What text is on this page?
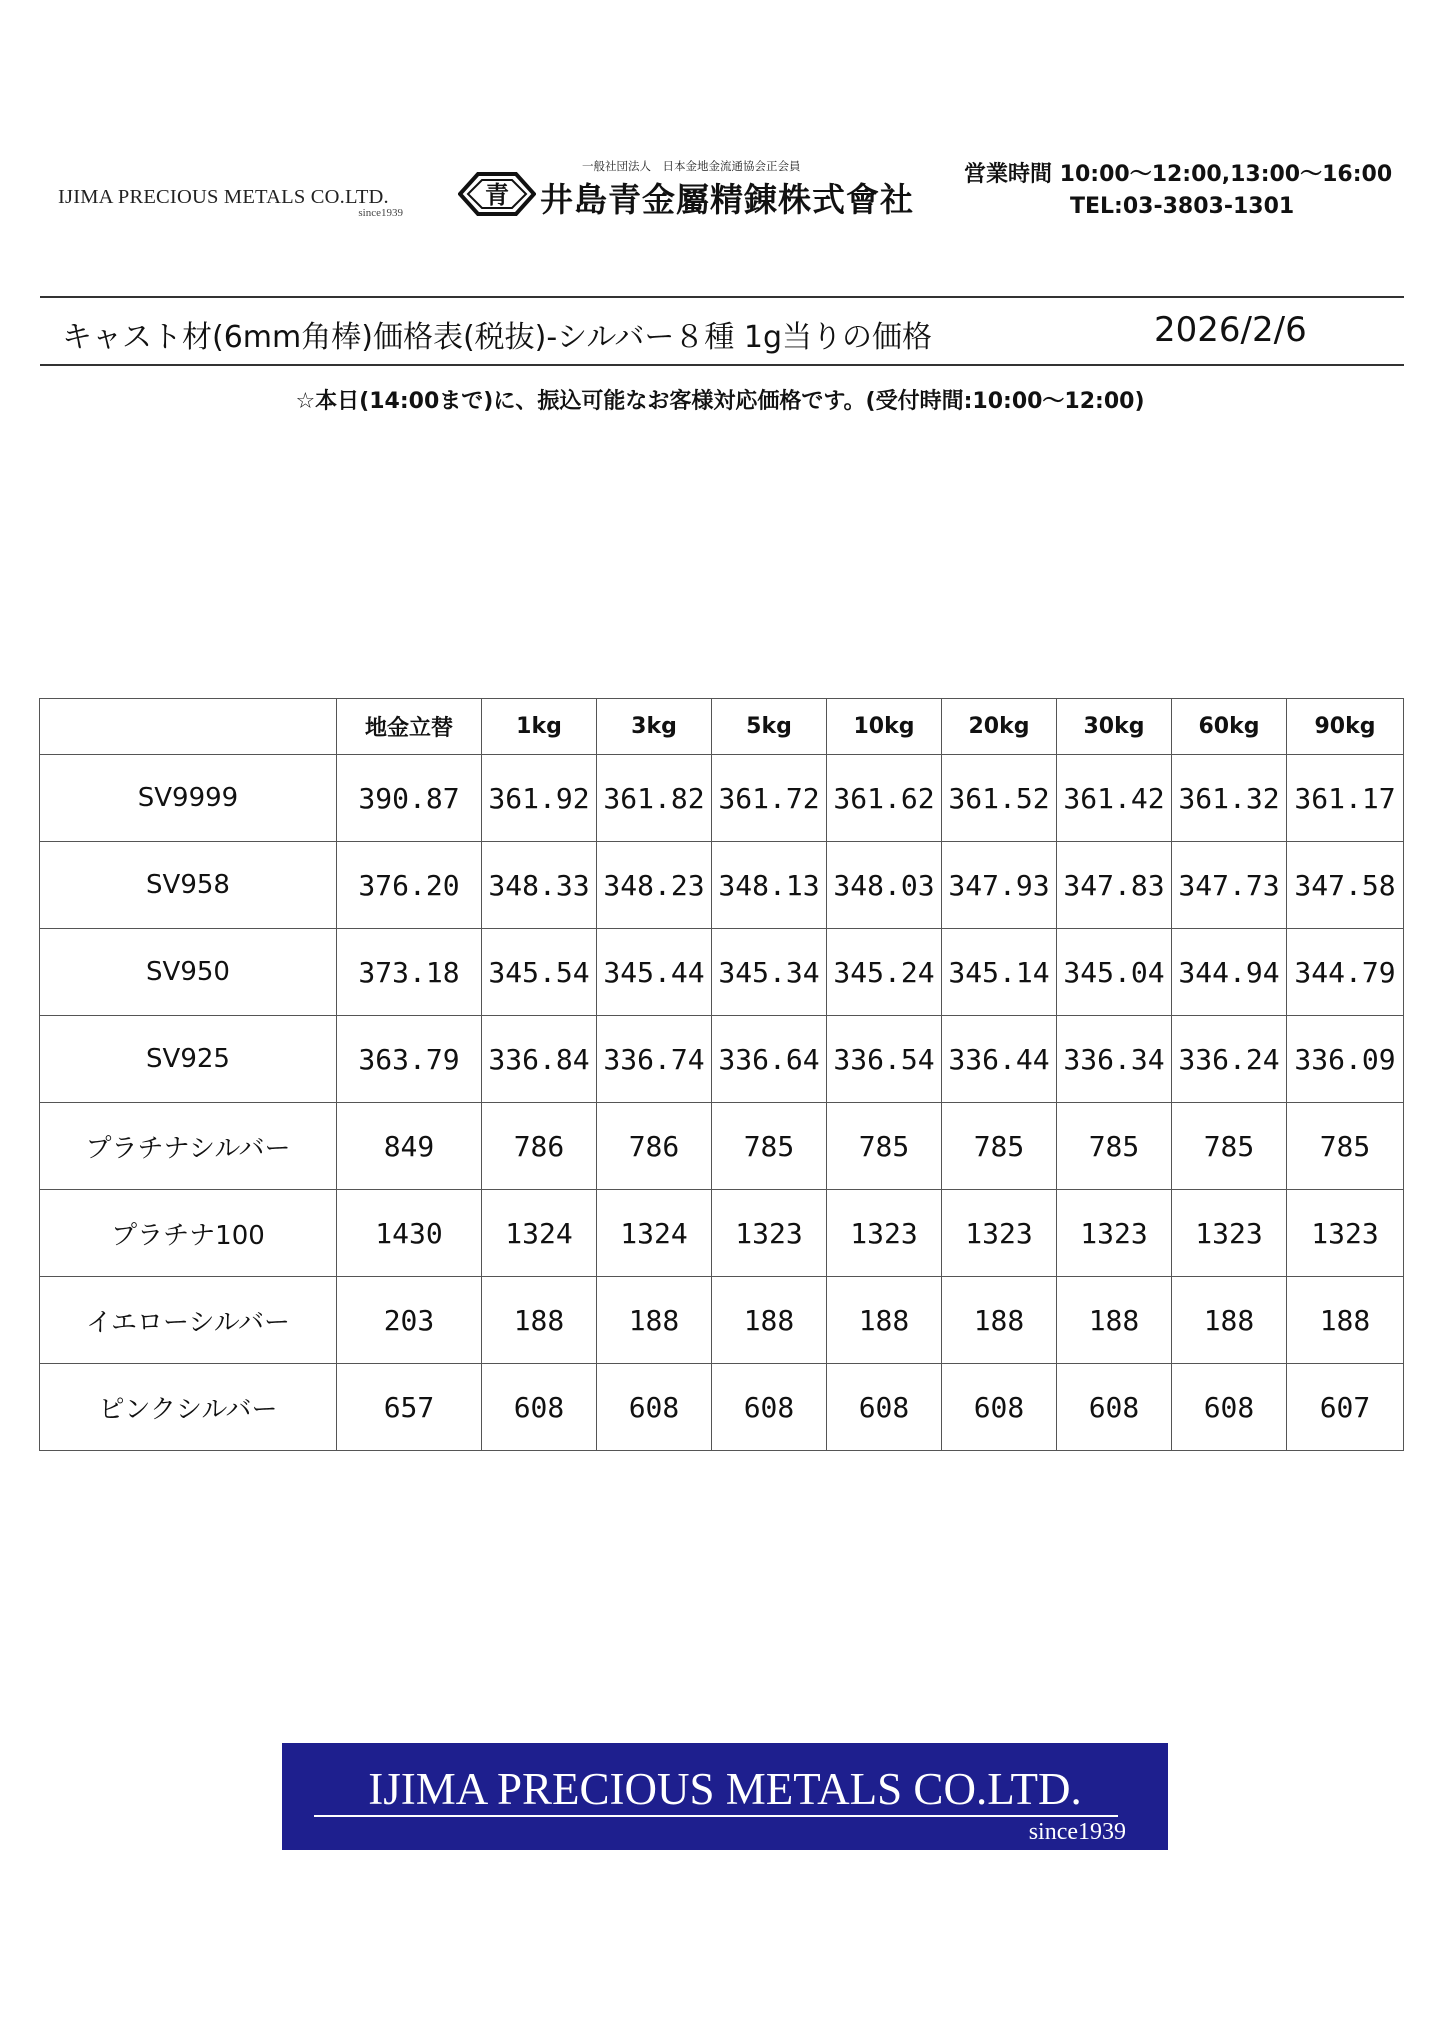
IJIMA PRECIOUS METALS CO.LTD.
since1939
一般社団法人　日本金地金流通協会正会員
青 井島青金屬精錬株式會社
営業時間 10:00〜12:00,13:00〜16:00
TEL:03-3803-1301
キャスト材(6mm角棒)価格表(税抜)-シルバー８種 1g当りの価格	2026/2/6
☆本日(14:00まで)に、振込可能なお客様対応価格です。(受付時間:10:00〜12:00)
	地金立替	1kg	3kg	5kg	10kg	20kg	30kg	60kg	90kg
SV9999	390.87	361.92	361.82	361.72	361.62	361.52	361.42	361.32	361.17
SV958	376.20	348.33	348.23	348.13	348.03	347.93	347.83	347.73	347.58
SV950	373.18	345.54	345.44	345.34	345.24	345.14	345.04	344.94	344.79
SV925	363.79	336.84	336.74	336.64	336.54	336.44	336.34	336.24	336.09
プラチナシルバー	849	786	786	785	785	785	785	785	785
プラチナ100	1430	1324	1324	1323	1323	1323	1323	1323	1323
イエローシルバー	203	188	188	188	188	188	188	188	188
ピンクシルバー	657	608	608	608	608	608	608	608	607
IJIMA PRECIOUS METALS CO.LTD.
since1939
